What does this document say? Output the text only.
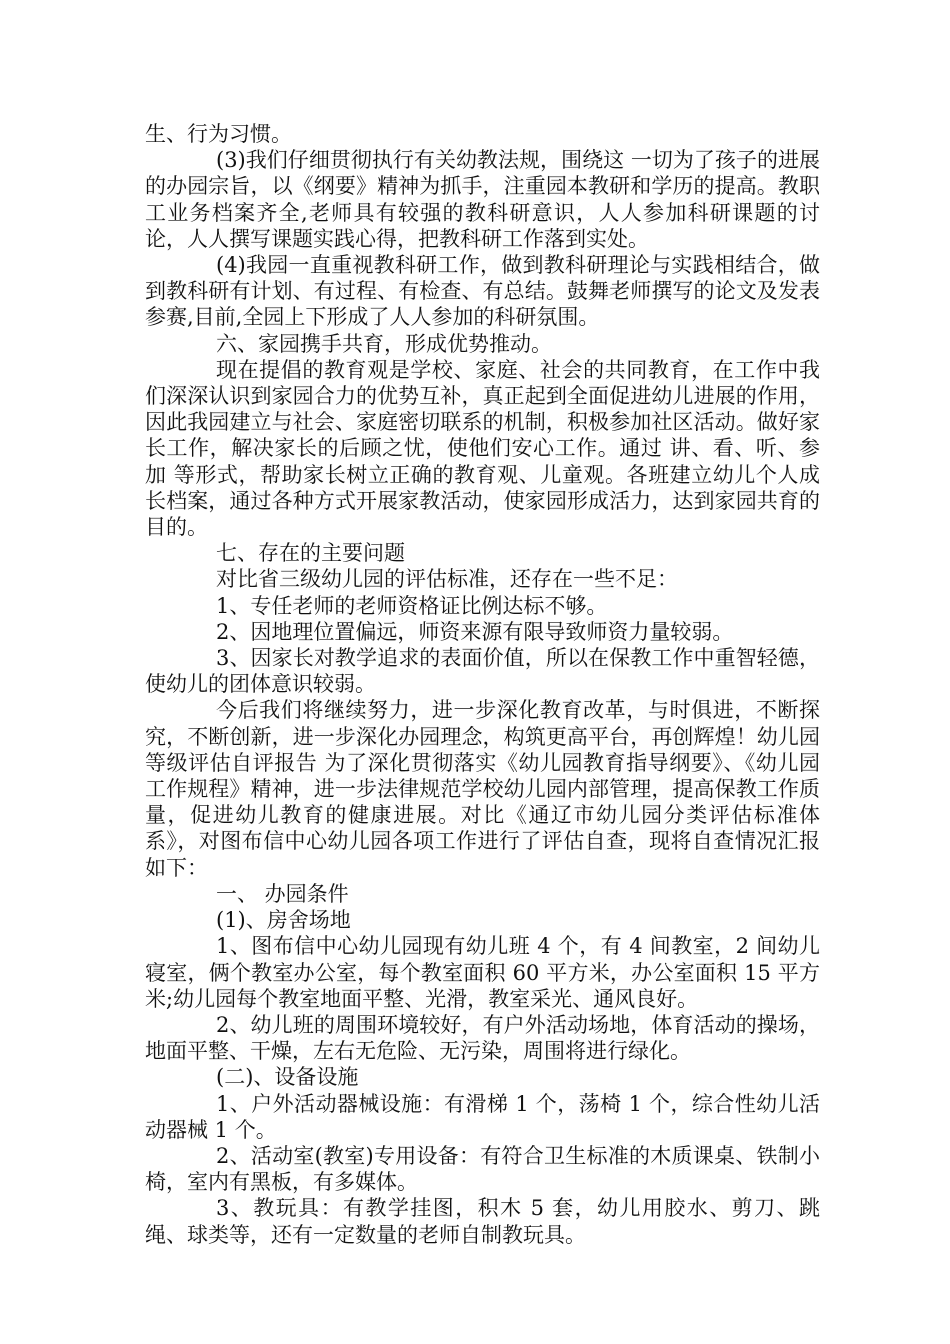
生、行为习惯。

(3)我们仔细贯彻执行有关幼教法规，围绕这 一切为了孩子的进展 的办园宗旨，以《纲要》精神为抓手，注重园本教研和学历的提高。教职工业务档案齐全,老师具有较强的教科研意识，人人参加科研课题的讨论，人人撰写课题实践心得，把教科研工作落到实处。

(4)我园一直重视教科研工作，做到教科研理论与实践相结合，做到教科研有计划、有过程、有检查、有总结。鼓舞老师撰写的论文及发表参赛,目前,全园上下形成了人人参加的科研氛围。

六、家园携手共育，形成优势推动。

现在提倡的教育观是学校、家庭、社会的共同教育，在工作中我们深深认识到家园合力的优势互补，真正起到全面促进幼儿进展的作用，因此我园建立与社会、家庭密切联系的机制，积极参加社区活动。做好家长工作，解决家长的后顾之忧，使他们安心工作。通过 讲、看、听、参加 等形式，帮助家长树立正确的教育观、儿童观。各班建立幼儿个人成长档案，通过各种方式开展家教活动，使家园形成活力，达到家园共育的目的。

七、存在的主要问题

对比省三级幼儿园的评估标准，还存在一些不足：

1、专任老师的老师资格证比例达标不够。

2、因地理位置偏远，师资来源有限导致师资力量较弱。

3、因家长对教学追求的表面价值，所以在保教工作中重智轻德，使幼儿的团体意识较弱。

今后我们将继续努力，进一步深化教育改革，与时俱进，不断探究，不断创新，进一步深化办园理念，构筑更高平台，再创辉煌！幼儿园等级评估自评报告 为了深化贯彻落实《幼儿园教育指导纲要》、《幼儿园工作规程》精神，进一步法律规范学校幼儿园内部管理，提高保教工作质量，促进幼儿教育的健康进展。对比《通辽市幼儿园分类评估标准体系》，对图布信中心幼儿园各项工作进行了评估自查，现将自查情况汇报如下：

一、 办园条件

(1)、房舍场地

1、图布信中心幼儿园现有幼儿班 4 个，有 4 间教室，2 间幼儿寝室，俩个教室办公室，每个教室面积 60 平方米，办公室面积 15 平方米;幼儿园每个教室地面平整、光滑，教室采光、通风良好。

2、幼儿班的周围环境较好，有户外活动场地，体育活动的操场，地面平整、干燥，左右无危险、无污染，周围将进行绿化。

(二)、设备设施

1、户外活动器械设施：有滑梯 1 个，荡椅 1 个，综合性幼儿活动器械 1 个。

2、活动室(教室)专用设备：有符合卫生标准的木质课桌、铁制小椅，室内有黑板，有多媒体。

3、教玩具：有教学挂图，积木 5 套，幼儿用胶水、剪刀、跳绳、球类等，还有一定数量的老师自制教玩具。
